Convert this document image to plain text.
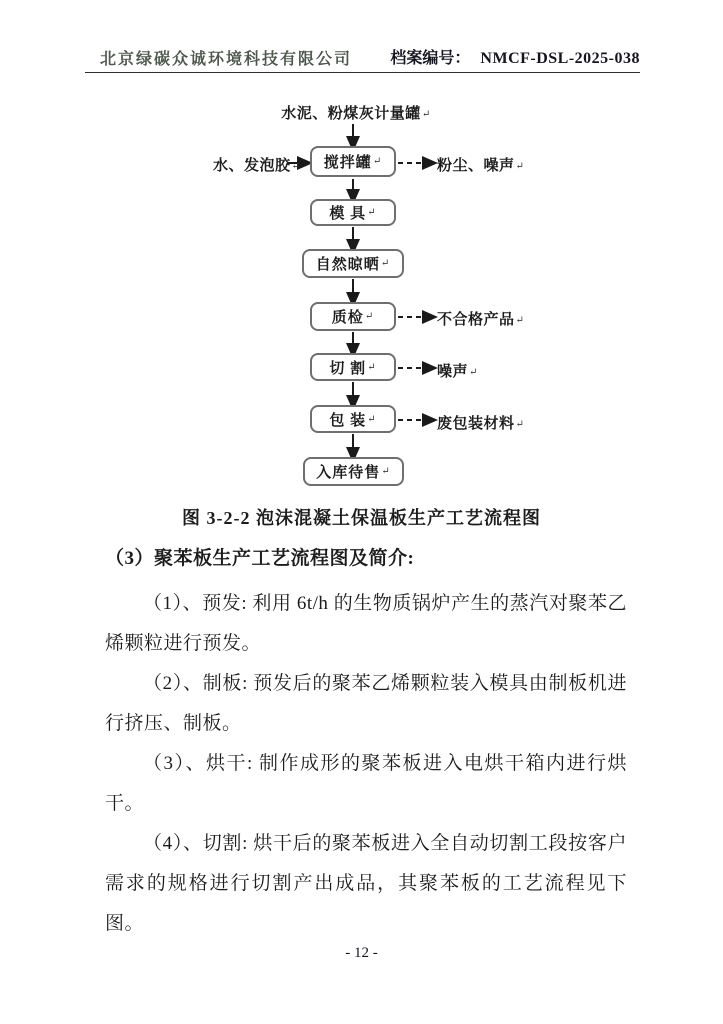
北京绿碳众诚环境科技有限公司 档案编号： NMCF-DSL-2025-038
水泥、粉煤灰计量罐↵
水、发泡胶↵ 搅拌罐 ↵
模 具 ↵
自然晾晒 ↵
质检 ↵
切 割 ↵
包 装 ↵
入库待售 ↵
粉尘、噪声↵
不合格产品↵
噪声↵
废包装材料↵
图 3-2-2 泡沫混凝土保温板生产工艺流程图

（3）聚苯板生产工艺流程图及简介:

（1）、预发: 利用 6t/h 的生物质锅炉产生的蒸汽对聚苯乙烯颗粒进行预发。

（2）、制板: 预发后的聚苯乙烯颗粒装入模具由制板机进行挤压、制板。

（3）、烘干: 制作成形的聚苯板进入电烘干箱内进行烘干。

（4）、切割: 烘干后的聚苯板进入全自动切割工段按客户需求的规格进行切割产出成品，其聚苯板的工艺流程见下图。

- 12 -
